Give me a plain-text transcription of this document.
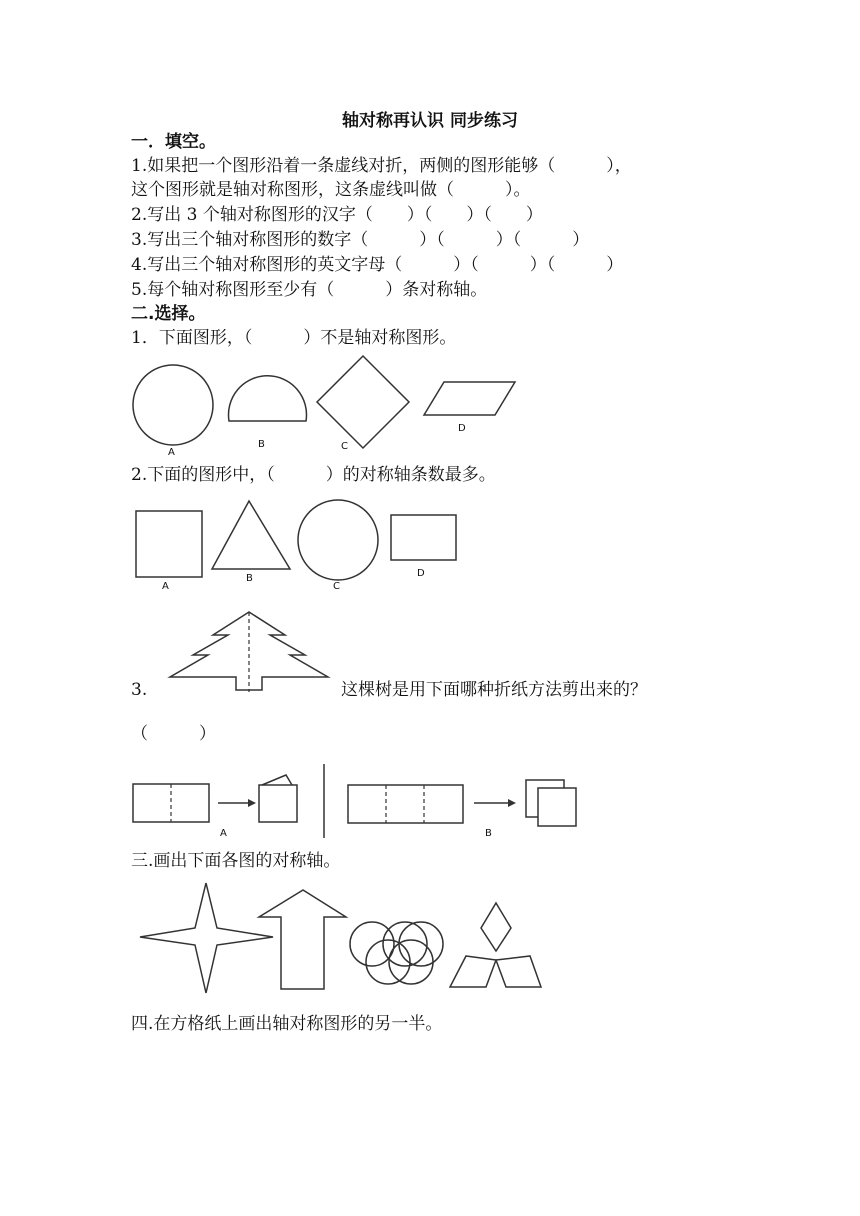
轴对称再认识 同步练习
一．填空。
1.如果把一个图形沿着一条虚线对折，两侧的图形能够（　　　），
这个图形就是轴对称图形，这条虚线叫做（　　　）。
2.写出 3 个轴对称图形的汉字（　　）（　　）（　　）
3.写出三个轴对称图形的数字（　　　）（　　　）（　　　）
4.写出三个轴对称图形的英文字母（　　　）（　　　）（　　　）
5.每个轴对称图形至少有（　　　）条对称轴。
二.选择。
1．下面图形，（　　　）不是轴对称图形。
A
B	C
D
2.下面的图形中，（　　　）的对称轴条数最多。
A
B
C
D
3.	这棵树是用下面哪种折纸方法剪出来的？
（　　　）
A	B
三.画出下面各图的对称轴。
四.在方格纸上画出轴对称图形的另一半。
